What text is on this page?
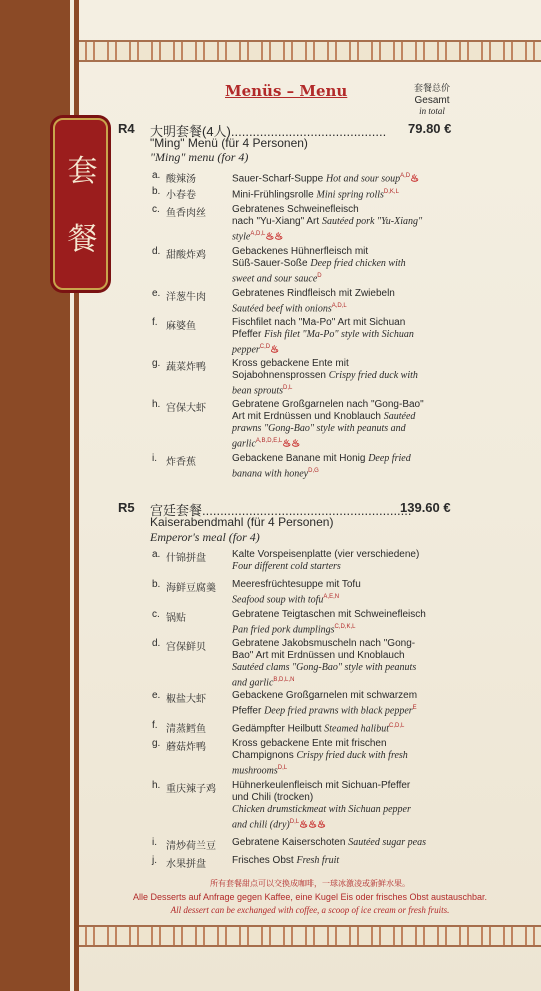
套
餐
Menüs – Menu	套餐总价
Gesamt
in total
R4 大明套餐(4人)........................................... 79.80 €
"Ming" Menü (für 4 Personen)
"Ming" menu (for 4)
a. 酸辣汤	Sauer-Scharf-Suppe Hot and sour soup$^{A,D}$♨
b. 小春卷	Mini-Frühlingsrolle Mini spring rolls$^{D,K,L}$
c. 鱼香肉丝	Gebratenes Schweinefleisch
nach "Yu-Xiang" Art Sautéed pork "Yu-Xiang"
style$^{A,D,L}$♨♨
d. 甜酸炸鸡	Gebackenes Hühnerfleisch mit
Süß-Sauer-Soße Deep fried chicken with
sweet and sour sauce$^D$
e. 洋葱牛肉	Gebratenes Rindfleisch mit Zwiebeln
Sautéed beef with onions$^{A,D,L}$
f. 麻婆鱼	Fischfilet nach "Ma-Po" Art mit Sichuan
Pfeffer Fish filet "Ma-Po" style with Sichuan
pepper$^{C,D}$♨
g. 蔬菜炸鸭	Kross gebackene Ente mit
Sojabohnensprossen Crispy fried duck with
bean sprouts$^{D,L}$
h. 宫保大虾	Gebratene Großgarnelen nach "Gong-Bao"
Art mit Erdnüssen und Knoblauch Sautéed
prawns "Gong-Bao" style with peanuts and
garlic$^{A,B,D,E,L}$♨♨
i. 炸香蕉	Gebackene Banane mit Honig Deep fried
banana with honey$^{D,G}$
R5 宫廷套餐..........................................................
139.60 €
Kaiserabendmahl (für 4 Personen)
Emperor's meal (for 4)
a. 什锦拼盘	Kalte Vorspeisenplatte (vier verschiedene)
Four different cold starters
b. 海鲜豆腐羹 Meeresfrüchtesuppe mit Tofu
Seafood soup with tofu$^{A,E,N}$
c. 锅贴	Gebratene Teigtaschen mit Schweinefleisch
Pan fried pork dumplings$^{C,D,K,L}$
d. 宫保鲜贝	Gebratene Jakobsmuscheln nach "Gong-
Bao" Art mit Erdnüssen und Knoblauch
Sautéed clams "Gong-Bao" style with peanuts
and garlic$^{B,D,L,N}$
e. 椒盐大虾	Gebackene Großgarnelen mit schwarzem
Pfeffer Deep fried prawns with black pepper$^E$
f. 清蒸鳕鱼	Gedämpfter Heilbutt Steamed halibut$^{C,D,L}$
g. 蘑菇炸鸭	Kross gebackene Ente mit frischen
Champignons Crispy fried duck with fresh
mushrooms$^{D,L}$
h. 重庆辣子鸡 Hühnerkeulenfleisch mit Sichuan-Pfeffer
und Chili (trocken)
Chicken drumstickmeat with Sichuan pepper
and chili (dry)$^{D,L}$♨♨♨
i. 清炒荷兰豆 Gebratene Kaiserschoten Sautéed sugar peas
j. 水果拼盘	Frisches Obst Fresh fruit
所有套餐甜点可以交换成咖啡，一球冰激凌或新鲜水果。
Alle Desserts auf Anfrage gegen Kaffee, eine Kugel Eis oder frisches Obst austauschbar.
All dessert can be exchanged with coffee, a scoop of ice cream or fresh fruits.
